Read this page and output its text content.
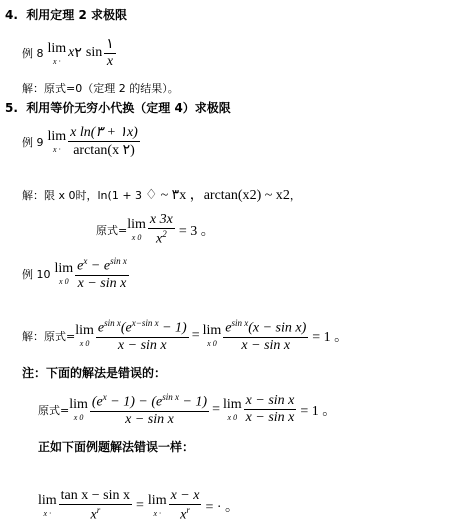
4. 利用定理 2 求极限
例 8 lim
x ·
x ٢ $\sin \frac{١}{x}$
解：原式=0（定理 2 的结果）。
5. 利用等价无穷小代换（定理 4）求极限
例 9 lim
$x \cdot \frac{\text{x ln(١ + ٣x)}}{\arctan(x ٢)}$
解：限 x 0时，ln(1 + 3 ♢ ~ ٣x ，arctan(x 2 ) ~ x 2 ，
原式= lim
x $0 \frac{x 3x}{x^2} = 3$ 。
例 10 lim
x $0 \frac{e^x - e^{sin x}}{\text{x − sin x}}$
解：原式= lim
x $0 \frac{e^{sin x}(e^{x-sin x} - 1)}{\text{x − sin x}} = \lim$
x $0 \frac{e^{sin x}(x - \sin x)}{\text{x − sin x}} = 1$ 。
注：下面的解法是错误的：
原式= lim
x $0 \frac{(e^x - 1) - (e^{sin x} - 1)}{\text{x − sin x}} = \lim$
x $0 \frac{\text{x − sin x}}{\text{x − sin x}} = 1$ 。
正如下面例题解法错误一样：
lim
$x \cdot \frac{\text{tan x − sin x}}{x^r} = \lim$
$x \cdot \frac{x - x}{x^r}$ = · 。
